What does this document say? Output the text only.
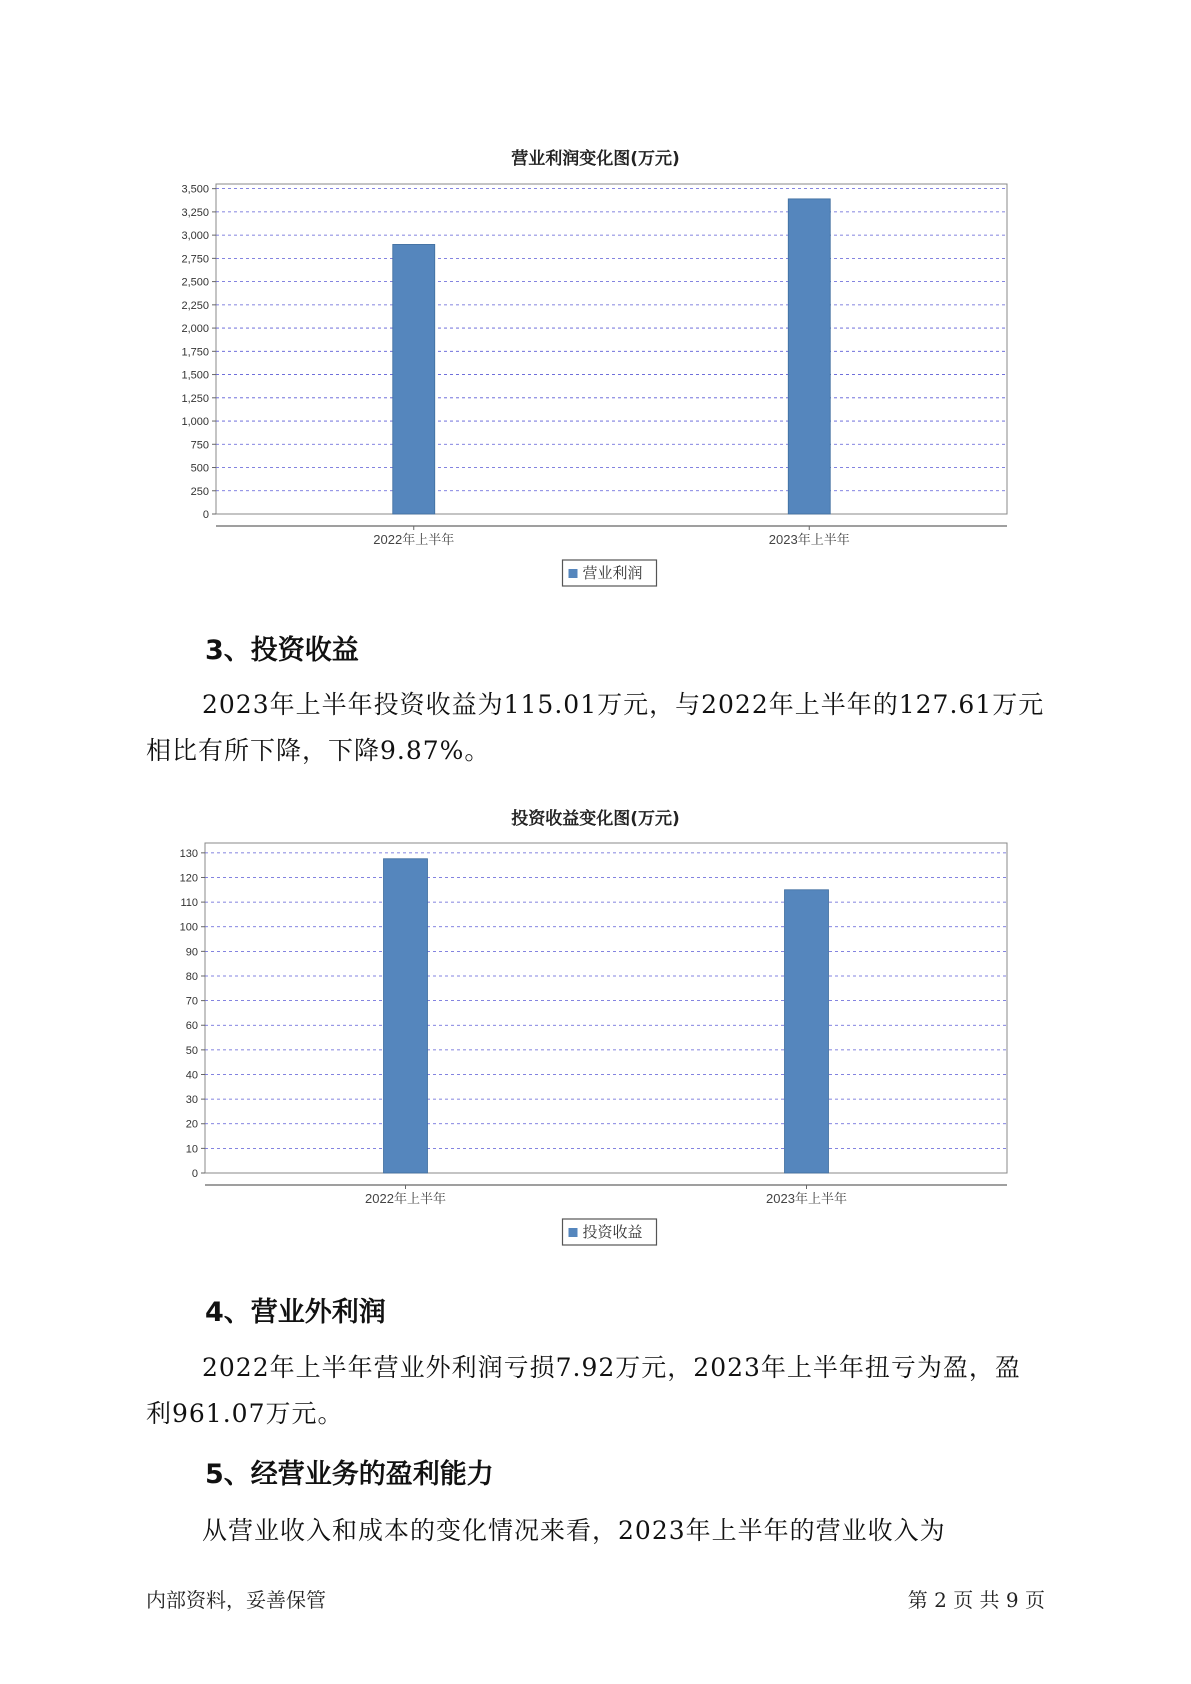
营业利润变化图(万元)
0
250
500
750
1,000
1,250
1,500
1,750
2,000
2,250
2,500
2,750
3,000
3,250
3,500
2022年上半年	2023年上半年
营业利润
3、投资收益
2023年上半年投资收益为115.01万元，与2022年上半年的127.61万元
相比有所下降，下降9.87%。
投资收益变化图(万元)
0
10
20
30
40
50
60
70
80
90
100
110
120
130
2022年上半年	2023年上半年
投资收益
4、营业外利润
2022年上半年营业外利润亏损7.92万元，2023年上半年扭亏为盈，盈
利961.07万元。
5、经营业务的盈利能力
从营业收入和成本的变化情况来看，2023年上半年的营业收入为
内部资料，妥善保管	第 2 页 共 9 页
